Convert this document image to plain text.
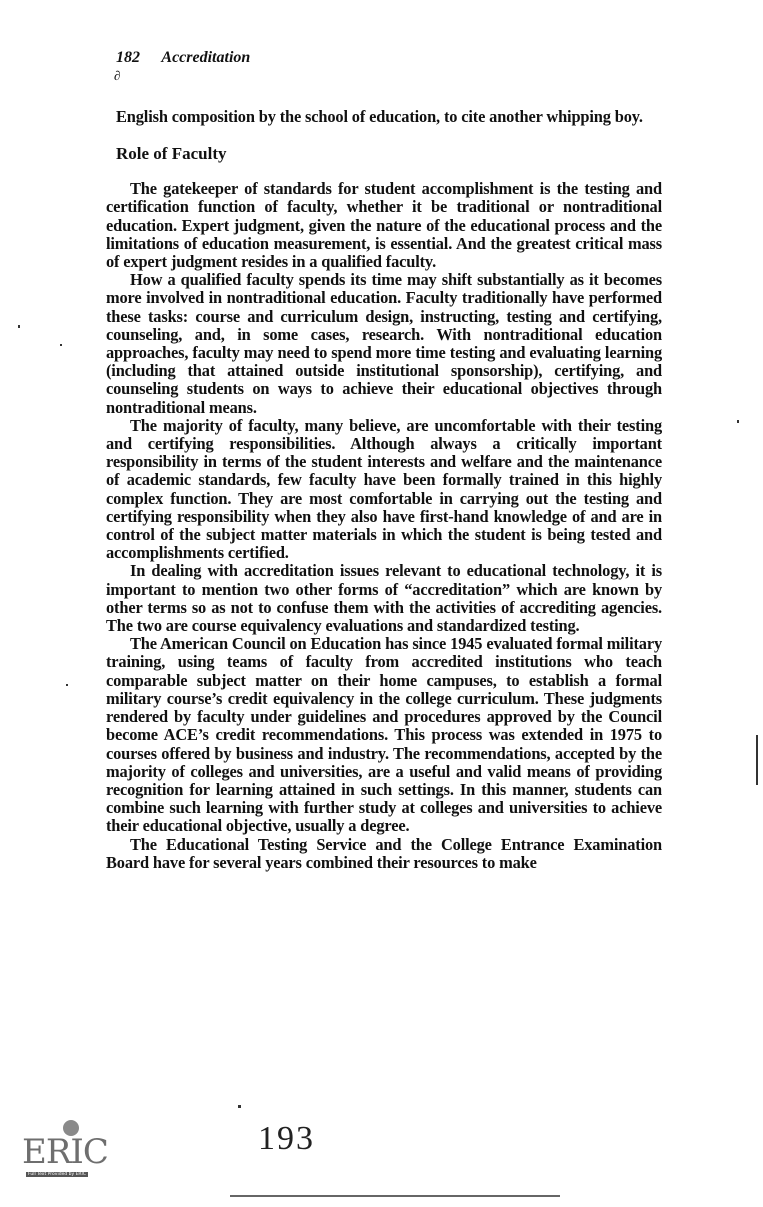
182 Accreditation
∂

English composition by the school of education, to cite another whipping boy.

Role of Faculty

The gatekeeper of standards for student accomplishment is the testing and certification function of faculty, whether it be traditional or nontraditional education. Expert judgment, given the nature of the educational process and the limitations of education measurement, is essential. And the greatest critical mass of expert judgment resides in a qualified faculty.

How a qualified faculty spends its time may shift substantially as it becomes more involved in nontraditional education. Faculty traditionally have performed these tasks: course and curriculum design, instructing, testing and certifying, counseling, and, in some cases, research. With nontraditional education approaches, faculty may need to spend more time testing and evaluating learning (including that attained outside institutional sponsorship), certifying, and counseling students on ways to achieve their educational objectives through nontraditional means.

The majority of faculty, many believe, are uncomfortable with their testing and certifying responsibilities. Although always a critically important responsibility in terms of the student interests and welfare and the maintenance of academic standards, few faculty have been formally trained in this highly complex function. They are most comfortable in carrying out the testing and certifying responsibility when they also have first-hand knowledge of and are in control of the subject matter materials in which the student is being tested and accomplishments certified.

In dealing with accreditation issues relevant to educational technology, it is important to mention two other forms of “accreditation” which are known by other terms so as not to confuse them with the activities of accrediting agencies. The two are course equivalency evaluations and standardized testing.

The American Council on Education has since 1945 evaluated formal military training, using teams of faculty from accredited institutions who teach comparable subject matter on their home campuses, to establish a formal military course’s credit equivalency in the college curriculum. These judgments rendered by faculty under guidelines and procedures approved by the Council become ACE’s credit recommendations. This process was extended in 1975 to courses offered by business and industry. The recommendations, accepted by the majority of colleges and universities, are a useful and valid means of providing recognition for learning attained in such settings. In this manner, students can combine such learning with further study at colleges and universities to achieve their educational objective, usually a degree.

The Educational Testing Service and the College Entrance Examination Board have for several years combined their resources to make

ERIC
Full Text Provided by ERIC
193
